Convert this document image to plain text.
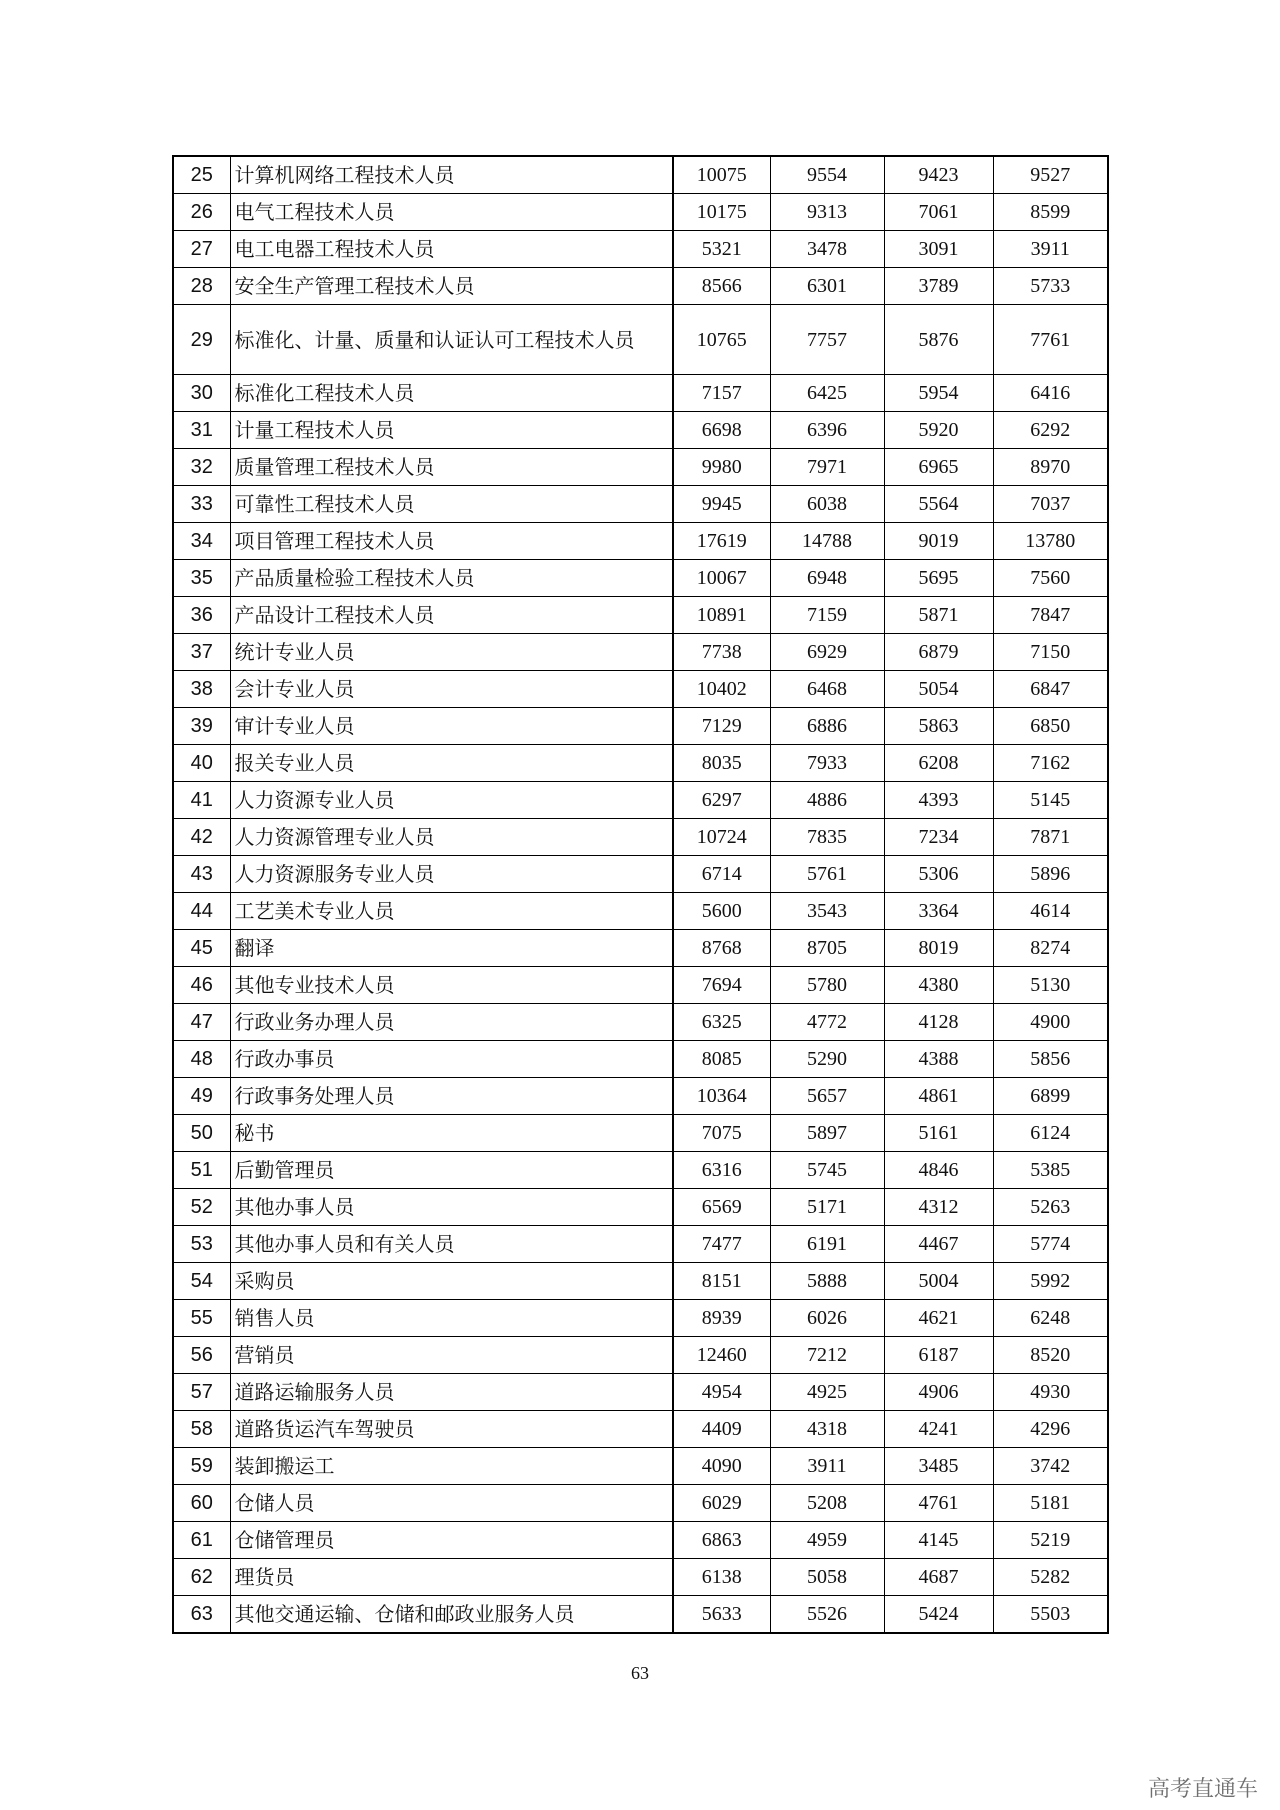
25	计算机网络工程技术人员	10075	9554	9423	9527
26	电气工程技术人员	10175	9313	7061	8599
27	电工电器工程技术人员	5321	3478	3091	3911
28	安全生产管理工程技术人员	8566	6301	3789	5733
29	标准化、计量、质量和认证认可工程技术人员	10765	7757	5876	7761
30	标准化工程技术人员	7157	6425	5954	6416
31	计量工程技术人员	6698	6396	5920	6292
32	质量管理工程技术人员	9980	7971	6965	8970
33	可靠性工程技术人员	9945	6038	5564	7037
34	项目管理工程技术人员	17619	14788	9019	13780
35	产品质量检验工程技术人员	10067	6948	5695	7560
36	产品设计工程技术人员	10891	7159	5871	7847
37	统计专业人员	7738	6929	6879	7150
38	会计专业人员	10402	6468	5054	6847
39	审计专业人员	7129	6886	5863	6850
40	报关专业人员	8035	7933	6208	7162
41	人力资源专业人员	6297	4886	4393	5145
42	人力资源管理专业人员	10724	7835	7234	7871
43	人力资源服务专业人员	6714	5761	5306	5896
44	工艺美术专业人员	5600	3543	3364	4614
45	翻译	8768	8705	8019	8274
46	其他专业技术人员	7694	5780	4380	5130
47	行政业务办理人员	6325	4772	4128	4900
48	行政办事员	8085	5290	4388	5856
49	行政事务处理人员	10364	5657	4861	6899
50	秘书	7075	5897	5161	6124
51	后勤管理员	6316	5745	4846	5385
52	其他办事人员	6569	5171	4312	5263
53	其他办事人员和有关人员	7477	6191	4467	5774
54	采购员	8151	5888	5004	5992
55	销售人员	8939	6026	4621	6248
56	营销员	12460	7212	6187	8520
57	道路运输服务人员	4954	4925	4906	4930
58	道路货运汽车驾驶员	4409	4318	4241	4296
59	装卸搬运工	4090	3911	3485	3742
60	仓储人员	6029	5208	4761	5181
61	仓储管理员	6863	4959	4145	5219
62	理货员	6138	5058	4687	5282
63	其他交通运输、仓储和邮政业服务人员	5633	5526	5424	5503
63
高考直通车
